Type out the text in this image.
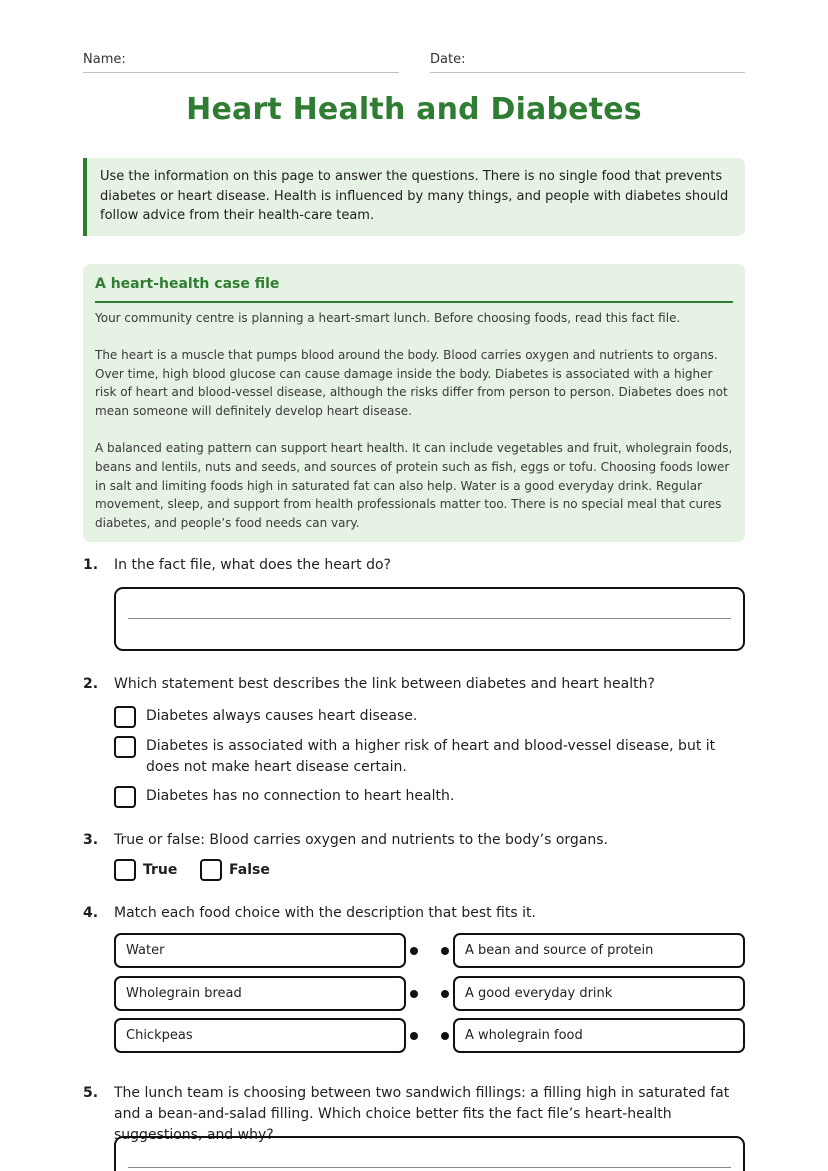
Name:	Date:
Heart Health and Diabetes
Use the information on this page to answer the questions. There is no single food that prevents diabetes or heart disease. Health is influenced by many things, and people with diabetes should follow advice from their health-care team.
A heart-health case file

Your community centre is planning a heart-smart lunch. Before choosing foods, read this fact file.

The heart is a muscle that pumps blood around the body. Blood carries oxygen and nutrients to organs. Over time, high blood glucose can cause damage inside the body. Diabetes is associated with a higher risk of heart and blood-vessel disease, although the risks differ from person to person. Diabetes does not mean someone will definitely develop heart disease.

A balanced eating pattern can support heart health. It can include vegetables and fruit, wholegrain foods, beans and lentils, nuts and seeds, and sources of protein such as fish, eggs or tofu. Choosing foods lower in salt and limiting foods high in saturated fat can also help. Water is a good everyday drink. Regular movement, sleep, and support from health professionals matter too. There is no special meal that cures diabetes, and people’s food needs can vary.

1. In the fact file, what does the heart do?
2. Which statement best describes the link between diabetes and heart health?
Diabetes always causes heart disease.
Diabetes is associated with a higher risk of heart and blood-vessel disease, but it does not make heart disease certain.
Diabetes has no connection to heart health.
3. True or false: Blood carries oxygen and nutrients to the body’s organs.
True	False
4. Match each food choice with the description that best fits it.
Water	A bean and source of protein
Wholegrain bread	A good everyday drink
Chickpeas	A wholegrain food
5. The lunch team is choosing between two sandwich fillings: a filling high in saturated fat and a bean-and-salad filling. Which choice better fits the fact file’s heart-health suggestions, and why?
